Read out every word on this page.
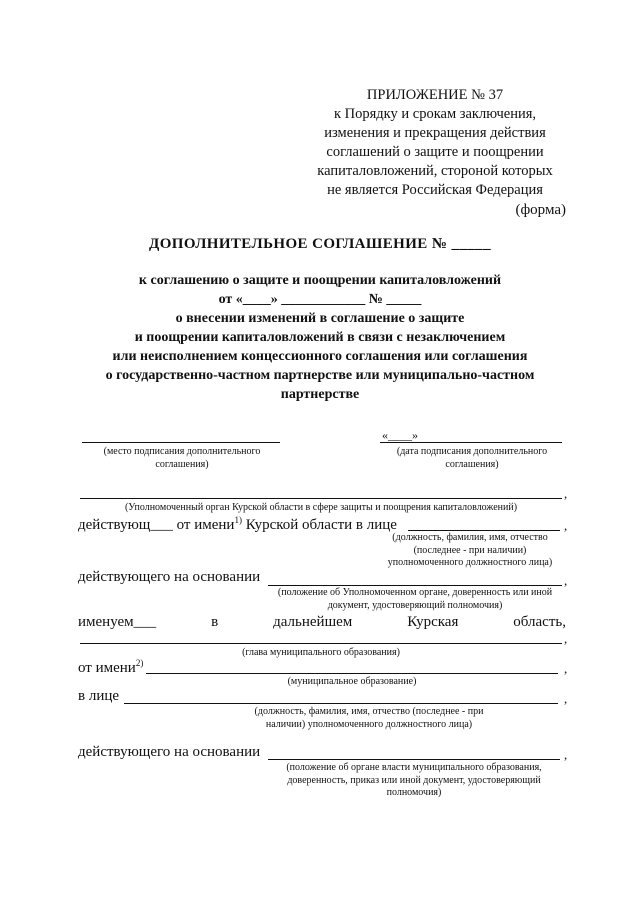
ПРИЛОЖЕНИЕ № 37
к Порядку и срокам заключения,
изменения и прекращения действия
соглашений о защите и поощрении
капиталовложений, стороной которых
не является Российская Федерация
(форма)
ДОПОЛНИТЕЛЬНОЕ СОГЛАШЕНИЕ № _____
к соглашению о защите и поощрении капиталовложений
от «____» ____________ № _____
о внесении изменений в соглашение о защите
и поощрении капиталовложений в связи с незаключением
или неисполнением концессионного соглашения или соглашения
о государственно-частном партнерстве или муниципально-частном
партнерстве
(место подписания дополнительного соглашения)
«____»
(дата подписания дополнительного соглашения)
,
(Уполномоченный орган Курской области в сфере защиты и поощрения капиталовложений)
действующ___ от имени$^{1)}$ Курской области в лице	,
(должность, фамилия, имя, отчество (последнее - при наличии) уполномоченного должностного лица)
действующего на основании	,
(положение об Уполномоченном органе, доверенность или иной документ, удостоверяющий полномочия)
именуем___	в	дальнейшем	Курская	область,
,
(глава муниципального образования)
от имени$^{2)}$	,
(муниципальное образование)
в лице	,
(должность, фамилия, имя, отчество (последнее - при наличии) уполномоченного должностного лица)
действующего на основании	,
(положение об органе власти муниципального образования, доверенность, приказ или иной документ, удостоверяющий полномочия)
